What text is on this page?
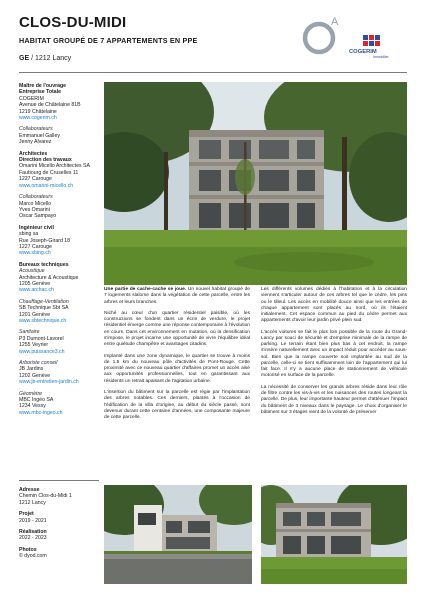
CLOS-DU-MIDI
HABITAT GROUPÉ DE 7 APPARTEMENTS EN PPE
GE / 1212 Lancy
A
COGERIM
Immobilier
Maître de l'ouvrage
Entreprise Totale
COGERIM
Avenue de Châtelaine 81B
1219 Châtelaine
www.cogerim.ch
Collaborateurs
Emmanuel Galley
Jenny Alvarez
Architectes
Direction des travaux
Omarini Micello Architectes SA
Faubourg de Cruselles 11
1227 Carouge
www.omarini-micello.ch
Collaborateurs
Marco Micello
Yves Omarini
Oscar Sampayo
Ingénieur civil
sbing sa
Rue Joseph-Girard 18
1227 Carouge
www.sbing.ch
Bureaux techniques
Acoustique
Architecture & Acoustique
1205 Genève
www.archac.ch
Chauffage-Ventilation
SB Technique Sbt SA
1201 Genève
www.sbtechnique.ch
Sanitaire
P3 Dumont-Lavorel
1255 Veyrier
www.puissance3.ch
Arboriste conseil
JB Jardins
1202 Genève
www.jb-entretien-jardin.ch
Géomètre
MBC Ingéo SA
1234 Vessy
www.mbc-ingeo.ch
Adresse
Chemin Clos-du-Midi 1
1212 Lancy
Projet
2019 - 2021
Réalisation
2022 - 2023
Photos
© dyod.com

Une partie de cache-cache se joue. Un nouvel habitat groupé de 7 logements slalome dans la végétation de cette parcelle, entre les arbres et leurs branches.

Niché au cœur d'un quartier résidentiel paisible, où les constructions se fondent dans un écrin de verdure, le projet résidentiel émerge comme une réponse contemporaine à l'évolution en cours. Dans cet environnement en mutation, où la densification s'impose, le projet incarne une opportunité de vivre l'équilibre idéal entre quiétude champêtre et avantages citadins.

Implanté dans une zone dynamique, le quartier se trouve à moins de 1,5 km du nouveau pôle d'activités de Pont-Rouge. Cette proximité avec ce nouveau quartier d'affaires promet un accès aisé aux opportunités professionnelles, tout en garantissant aux résidents un retrait apaisant de l'agitation urbaine.

L'insertion du bâtiment sur la parcelle est régie par l'implantation des arbres notables. Ces derniers, plantés à l'occasion de l'édification de la villa d'origine, au début du siècle passé, sont devenus durant cette centaine d'années, une composante majeure de cette parcelle.

Les différents volumes dédiés à l'habitation et à la circulation viennent s'articuler autour de ces arbres tel que le cèdre, les pins ou le tilleul. Les accès en mobilité douce ainsi que les entrées de chaque appartement sont placés au nord, où ils l'étaient initialement. Cet espace commun au pied du cèdre permet aux appartements d'avoir leur jardin privé plein sud.

L'accès voitures se fait le plus loin possible de la route du Grand-Lancy par souci de sécurité et d'emprise minimale de la rampe de parking. Le terrain étant bien plus bas à cet endroit, la rampe s'insère naturellement avec un impact réduit pour accéder au sous-sol. Bien que la rampe couverte soit implantée au sud de la parcelle, celle-ci se tient suffisamment loin de l'appartement qui lui fait face. Il n'y a aucune place de stationnement de véhicule motorisé en surface de la parcelle.

La nécessité de conserver les grands arbres réside dans leur rôle de filtre contre les vis-à-vis et les nuisances des routes longeant la parcelle. De plus, leur importante hauteur permet d'atténuer l'impact du bâtiment de 3 niveaux dans le paysage. Le choix d'organiser le bâtiment sur 3 étages vient de la volonté de préserver
